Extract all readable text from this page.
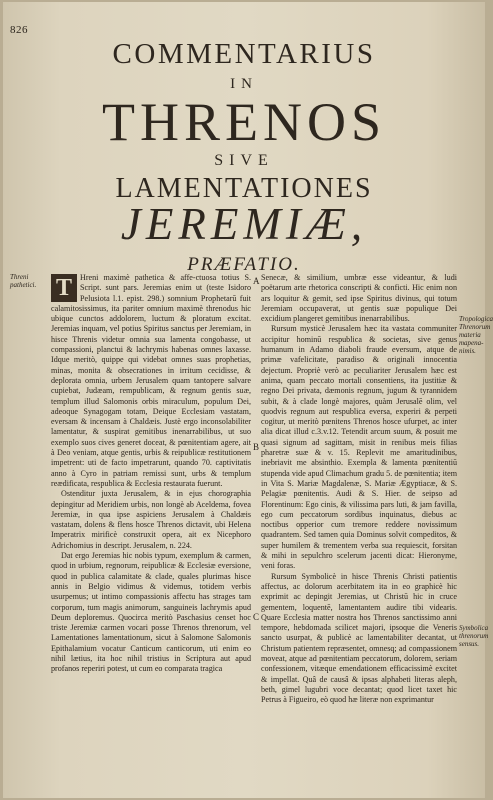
826
COMMENTARIUS
IN
THRENOS
SIVE
LAMENTATIONES
JEREMIÆ,
PRÆFATIO.
Threni pathetici.
Tropologica Threnorum materia mapena-nimis.
Symbolica threnorum sensus.
A
B
C

T Hreni maximè pathetica & affe-ctuosa totius S. Script. sunt pars. Jeremias enim ut (teste Isidoro Pelusiota l.1. epist. 298.) somnium Prophetarū fuit calamitosissimus, ita pariter omnium maximè threnodus hic ubique cunctos addolorem, luctum & ploratum excitat. Jeremias inquam, vel potius Spiritus sanctus per Jeremiam, in hisce Threnis videtur omnia sua lamenta congobasse, ut compassioni, planctui & lachrymis habenas omnes laxasse. Idque meritò, quippe qui videbat omnes suas prophetias, minas, monita & obsecrationes in irritum cecidisse, & deplorata omnia, urbem Jerusalem quam tantopere salvare cupiebat, Judæam, rempublicam, & regnum gentis suæ, templum illud Salomonis orbis miraculum, populum Dei, adeoque Synagogam totam, Deique Ecclesiam vastatam, eversam & incensam à Chaldæis. Justè ergo inconsolabiliter lamentatur, & suspirat gemitibus inenarrabilibus, ut suo exemplo suos cives generet doceat, & pœnitentiam agere, ait à Deo veniam, atque gentis, urbis & reipublicæ restitutionem impetrent: uti de facto impetrarunt, quando 70. captivitatis anno à Cyro in patriam remissi sunt, urbs & templum reædificata, respublica & Ecclesia restaurata fuerunt.

Ostenditur juxta Jerusalem, & in ejus chorographia depingitur ad Meridiem urbis, non longè ab Aceldema, fovea Jeremiæ, in qua ipse aspiciens Jerusalem à Chaldæis vastatam, dolens & flens hosce Threnos dictavit, ubi Helena Imperatrix mirificè construxit opera, ait ex Nicephoro Adrichomius in descript. Jerusalem, n. 224.

Dat ergo Jeremias hic nobis typum, exemplum & carmen, quod in urbium, regnorum, reipublicæ & Ecclesiæ eversione, quod in publica calamitate & clade, quales plurimas hisce annis in Belgio vidimus & videmus, totidem verbis usurpemus; ut intimo compassionis affectu has strages tam corporum, tum magis animorum, sanguineis lachrymis apud Deum deploremus. Quocirca meritò Paschasius censet hoc triste Jeremiæ carmen vocari posse Threnos threnorum, vel Lamentationes lamentationum, sicut à Salomone Salomonis Epithalamium vocatur Canticum canticorum, uti enim eo nihil lætius, ita hoc nihil tristius in Scriptura aut apud profanos reperiri potest, ut cum eo comparata tragica

Senecæ, & similium, umbræ esse videantur, & ludi poëtarum arte rhetorica conscripti & conficti. Hic enim non ars loquitur & gemit, sed ipse Spiritus divinus, qui totum Jeremiam occupaverat, ut gentis suæ populique Dei excidium plangeret gemitibus inenarrabilibus.

Rursum mysticè Jerusalem hæc ita vastata communiter accipitur hominū respublica & societas, sive genus humanum in Adamo diaboli fraude eversum, atque de primæ vafelicitate, paradiso & originali innocentia dejectum. Propriè verò ac peculiariter Jerusalem hæc est anima, quam peccato mortali consentiens, ita justitiæ & regno Dei privata, dæmonis regnum, jugum & tyrannidem subit, & à clade longè majores, quàm Jerusalē olim, vel quodvis regnum aut respublica eversa, experiri & perpeti cogitur, ut meritò pœnitens Threnos hosce ufurpet, ac inter alia dicat illud c.3.v.12. Tetendit arcum suum, & posuit me quasi signum ad sagittam, misit in renibus meis filias pharetræ suæ & v. 15. Replevit me amaritudinibus, inebriavit me absinthio. Exempla & lamenta pœnitentiū stupenda vide apud Climachum gradu 5. de pœnitentia; item in Vita S. Mariæ Magdalenæ, S. Mariæ Ægyptiacæ, & S. Pelagiæ pœnitentis. Audi & S. Hier. de seipso ad Florentinum: Ego cinis, & vilissima pars luti, & jam favilla, ego cum peccatorum sordibus inquinatus, diebus ac noctibus opperior cum tremore reddere novissimum quadrantem. Sed tamen quia Dominus solvit compeditos, & super humilem & trementem verba sua requiescit, forsitan & mihi in sepulchro scelerum jacenti dicat: Hieronyme, veni foras.

Rursum Symbolicè in hisce Threnis Christi patientis affectus, ac dolorum acerbitatem ita in eo graphicè hic exprimit ac depingit Jeremias, ut Christū hic in cruce gementem, loquentē, lamentantem audire tibi videaris. Quare Ecclesia matter nostra hos Threnos sanctissimo anni tempore, hebdomada scilicet majori, ipsoque die Veneris sancto usurpat, & publicè ac lamentabiliter decantat, ut Christum patientem repræsentet, omnesq; ad compassionem moveat, atque ad pœnitentiam peccatorum, dolorem, seriam confessionem, vitæque emendationem efficacissimè excitet & impellat. Quâ de causâ & ipsas alphabeti literas aleph, beth, gimel lugubri voce decantat; quod licet taxet hic Petrus à Figueiro, eò quod hæ literæ non exprimantur
